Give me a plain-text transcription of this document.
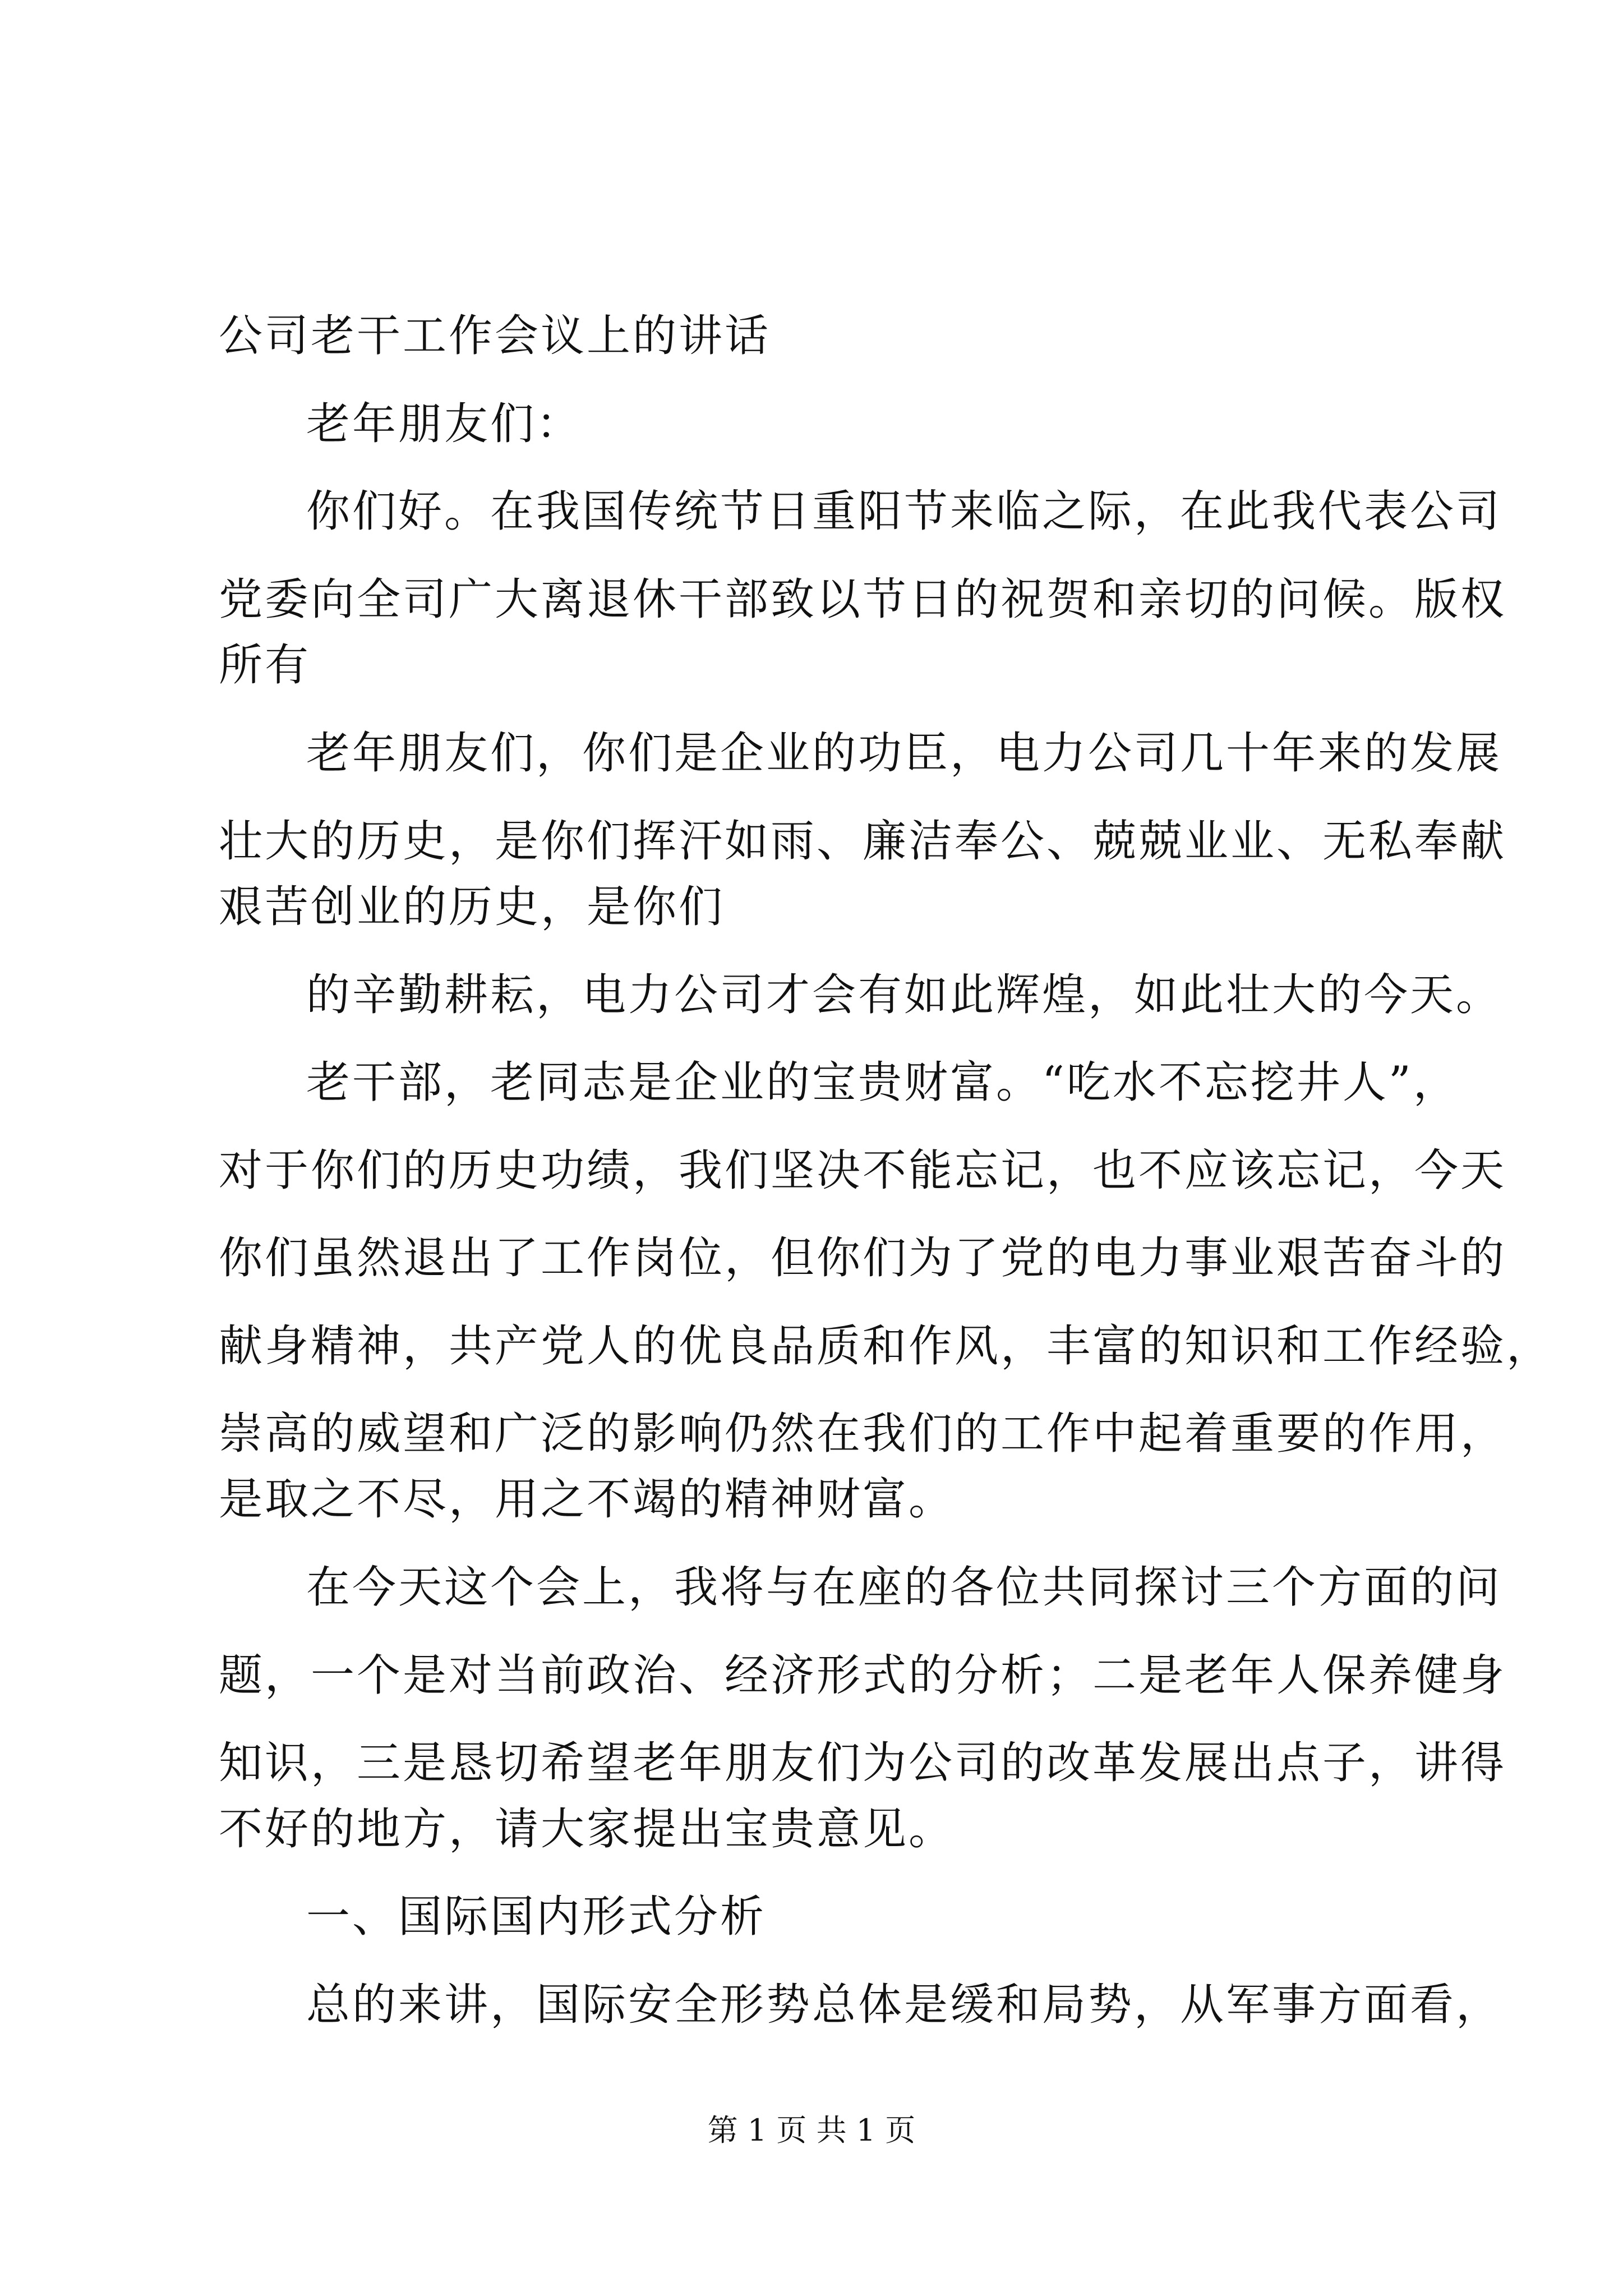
公司老干工作会议上的讲话
老年朋友们：
你们好。在我国传统节日重阳节来临之际，在此我代表公司
党委向全司广大离退休干部致以节日的祝贺和亲切的问候。版权
所有
老年朋友们，你们是企业的功臣，电力公司几十年来的发展
壮大的历史，是你们挥汗如雨、廉洁奉公、兢兢业业、无私奉献
艰苦创业的历史，是你们
的辛勤耕耘，电力公司才会有如此辉煌，如此壮大的今天。
老干部，老同志是企业的宝贵财富。“吃水不忘挖井人”，
对于你们的历史功绩，我们坚决不能忘记，也不应该忘记，今天
你们虽然退出了工作岗位，但你们为了党的电力事业艰苦奋斗的
献身精神，共产党人的优良品质和作风，丰富的知识和工作经验，
崇高的威望和广泛的影响仍然在我们的工作中起着重要的作用，
是取之不尽，用之不竭的精神财富。
在今天这个会上，我将与在座的各位共同探讨三个方面的问
题，一个是对当前政治、经济形式的分析；二是老年人保养健身
知识，三是恳切希望老年朋友们为公司的改革发展出点子，讲得
不好的地方，请大家提出宝贵意见。
一、国际国内形式分析
总的来讲，国际安全形势总体是缓和局势，从军事方面看，
第 1 页 共 1 页
